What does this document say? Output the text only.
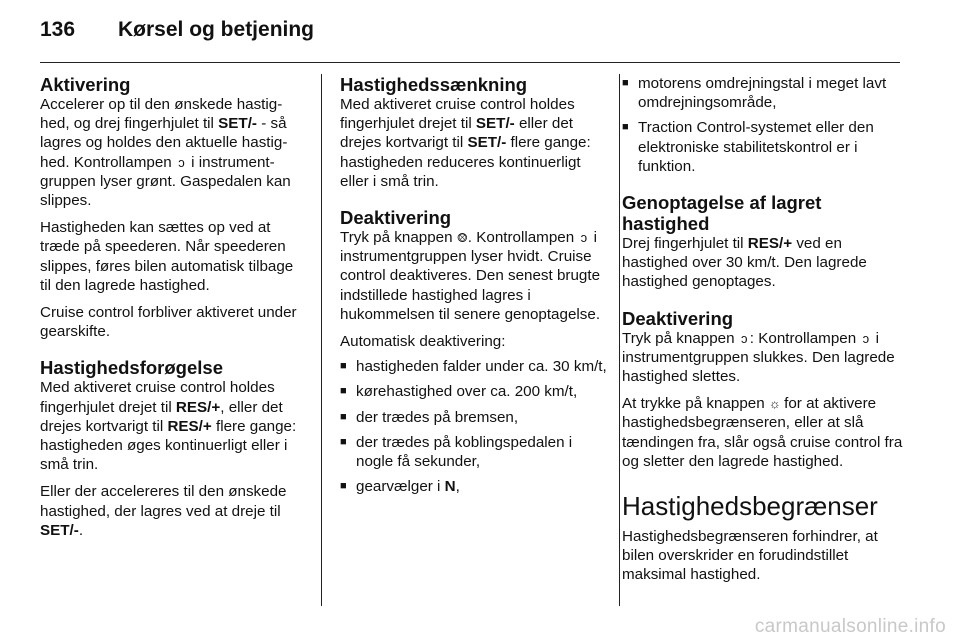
136	Kørsel og betjening
Aktivering

Accelerer op til den ønskede hastighed, og drej fingerhjulet til SET/- - så lagres og holdes den aktuelle hastighed. Kontrollampen ↄ i instrumentgruppen lyser grønt. Gaspedalen kan slippes.

Hastigheden kan sættes op ved at træde på speederen. Når speederen slippes, føres bilen automatisk tilbage til den lagrede hastighed.

Cruise control forbliver aktiveret under gearskifte.

Hastighedsforøgelse

Med aktiveret cruise control holdes fingerhjulet drejet til RES/+, eller det drejes kortvarigt til RES/+ flere gange: hastigheden øges kontinuerligt eller i små trin.

Eller der accelereres til den ønskede hastighed, der lagres ved at dreje til SET/-.

Hastighedssænkning

Med aktiveret cruise control holdes fingerhjulet drejet til SET/- eller det drejes kortvarigt til SET/- flere gange: hastigheden reduceres kontinuerligt eller i små trin.

Deaktivering

Tryk på knappen ⨷. Kontrollampen ↄ i instrumentgruppen lyser hvidt. Cruise control deaktiveres. Den senest brugte indstillede hastighed lagres i hukommelsen til senere genoptagelse.

Automatisk deaktivering:

■ hastigheden falder under ca. 30 km/t,
■ kørehastighed over ca. 200 km/t,
■ der trædes på bremsen,
■ der trædes på koblingspedalen i nogle få sekunder,
■ gearvælger i N,
■ motorens omdrejningstal i meget lavt omdrejningsområde,
■ Traction Control-systemet eller den elektroniske stabilitetskontrol er i funktion.
Genoptagelse af lagret hastighed

Drej fingerhjulet til RES/+ ved en hastighed over 30 km/t. Den lagrede hastighed genoptages.

Deaktivering

Tryk på knappen ↄ : Kontrollampen ↄ i instrumentgruppen slukkes. Den lagrede hastighed slettes.

At trykke på knappen ☼ for at aktivere hastighedsbegrænseren, eller at slå tændingen fra, slår også cruise control fra og sletter den lagrede hastighed.

Hastighedsbegrænser

Hastighedsbegrænseren forhindrer, at bilen overskrider en forudindstillet maksimal hastighed.

carmanualsonline.info
